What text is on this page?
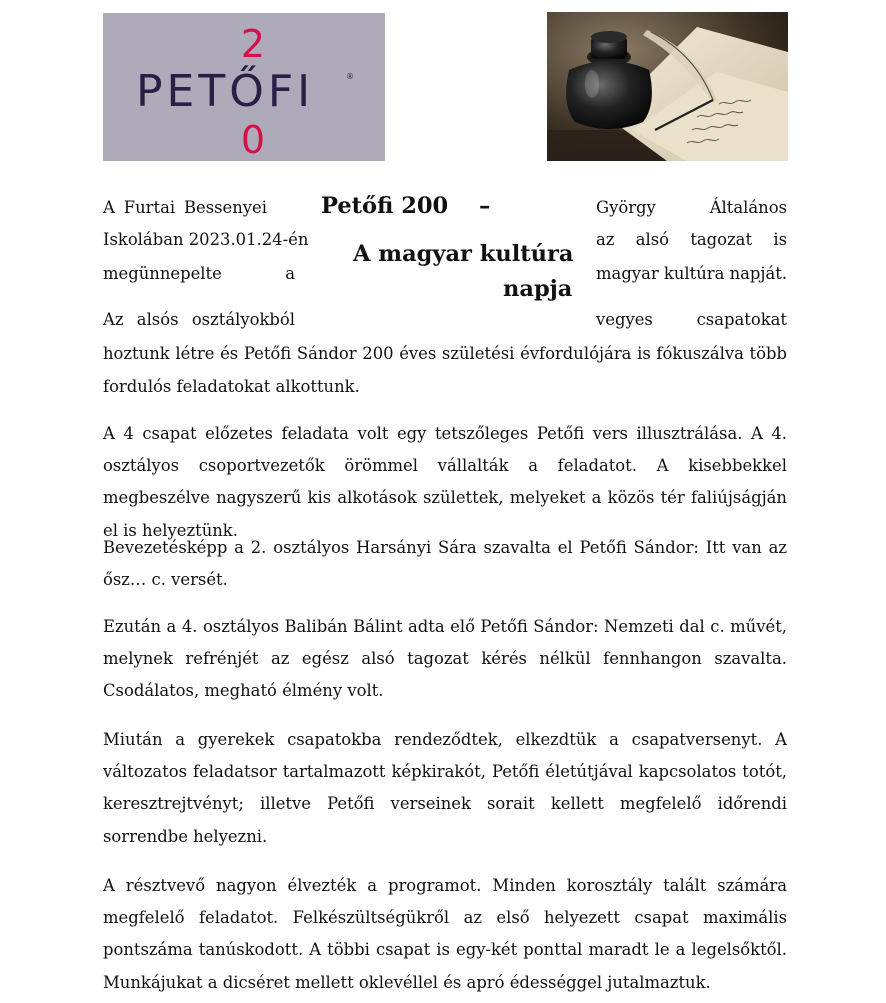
2
PETŐFI	®
0
A Furtai Bessenyei
Iskolában 2023.01.24-én
megünnepelte a
Az alsós osztályokból
György Általános
az alsó tagozat is
magyar kultúra napját.
vegyes csapatokat
Petőfi 200 –
A magyar kultúra
napja
hoztunk létre és Petőfi Sándor 200 éves születési évfordulójára is fókuszálva több
fordulós feladatokat alkottunk.
A 4 csapat előzetes feladata volt egy tetszőleges Petőfi vers illusztrálása. A 4. osztályos csoportvezetők örömmel vállalták a feladatot. A kisebbekkel megbeszélve nagyszerű kis alkotások születtek, melyeket a közös tér faliújságján el is helyeztünk.
Bevezetésképp a 2. osztályos Harsányi Sára szavalta el Petőfi Sándor: Itt van az ősz… c. versét.
Ezután a 4. osztályos Balibán Bálint adta elő Petőfi Sándor: Nemzeti dal c. művét, melynek refrénjét az egész alsó tagozat kérés nélkül fennhangon szavalta. Csodálatos, megható élmény volt.
Miután a gyerekek csapatokba rendeződtek, elkezdtük a csapatversenyt. A változatos feladatsor tartalmazott képkirakót, Petőfi életútjával kapcsolatos totót, keresztrejtvényt; illetve Petőfi verseinek sorait kellett megfelelő időrendi sorrendbe helyezni.
A résztvevő nagyon élvezték a programot. Minden korosztály talált számára megfelelő feladatot. Felkészültségükről az első helyezett csapat maximális pontszáma tanúskodott. A többi csapat is egy-két ponttal maradt le a legelsőktől. Munkájukat a dicséret mellett oklevéllel és apró édességgel jutalmaztuk.
